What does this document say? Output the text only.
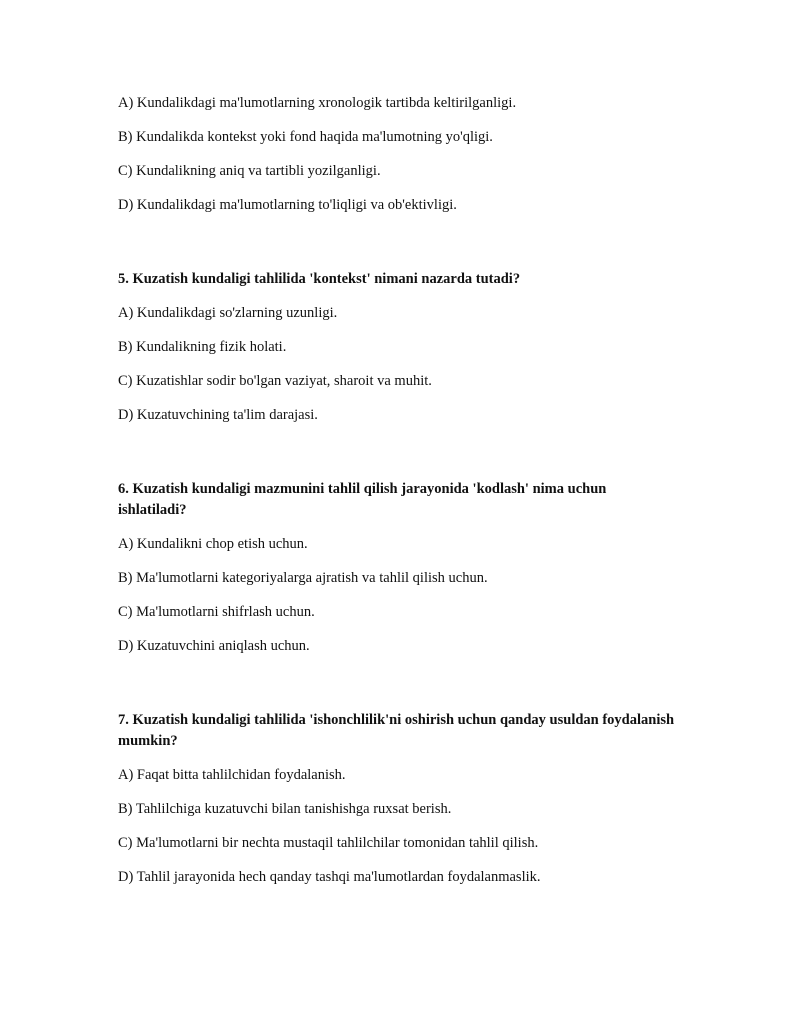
A) Kundalikdagi ma'lumotlarning xronologik tartibda keltirilganligi.

B) Kundalikda kontekst yoki fond haqida ma'lumotning yo'qligi.

C) Kundalikning aniq va tartibli yozilganligi.

D) Kundalikdagi ma'lumotlarning to'liqligi va ob'ektivligi.

5. Kuzatish kundaligi tahlilida 'kontekst' nimani nazarda tutadi?

A) Kundalikdagi so'zlarning uzunligi.

B) Kundalikning fizik holati.

C) Kuzatishlar sodir bo'lgan vaziyat, sharoit va muhit.

D) Kuzatuvchining ta'lim darajasi.

6. Kuzatish kundaligi mazmunini tahlil qilish jarayonida 'kodlash' nima uchun ishlatiladi?

A) Kundalikni chop etish uchun.

B) Ma'lumotlarni kategoriyalarga ajratish va tahlil qilish uchun.

C) Ma'lumotlarni shifrlash uchun.

D) Kuzatuvchini aniqlash uchun.

7. Kuzatish kundaligi tahlilida 'ishonchlilik'ni oshirish uchun qanday usuldan foydalanish mumkin?

A) Faqat bitta tahlilchidan foydalanish.

B) Tahlilchiga kuzatuvchi bilan tanishishga ruxsat berish.

C) Ma'lumotlarni bir nechta mustaqil tahlilchilar tomonidan tahlil qilish.

D) Tahlil jarayonida hech qanday tashqi ma'lumotlardan foydalanmaslik.
